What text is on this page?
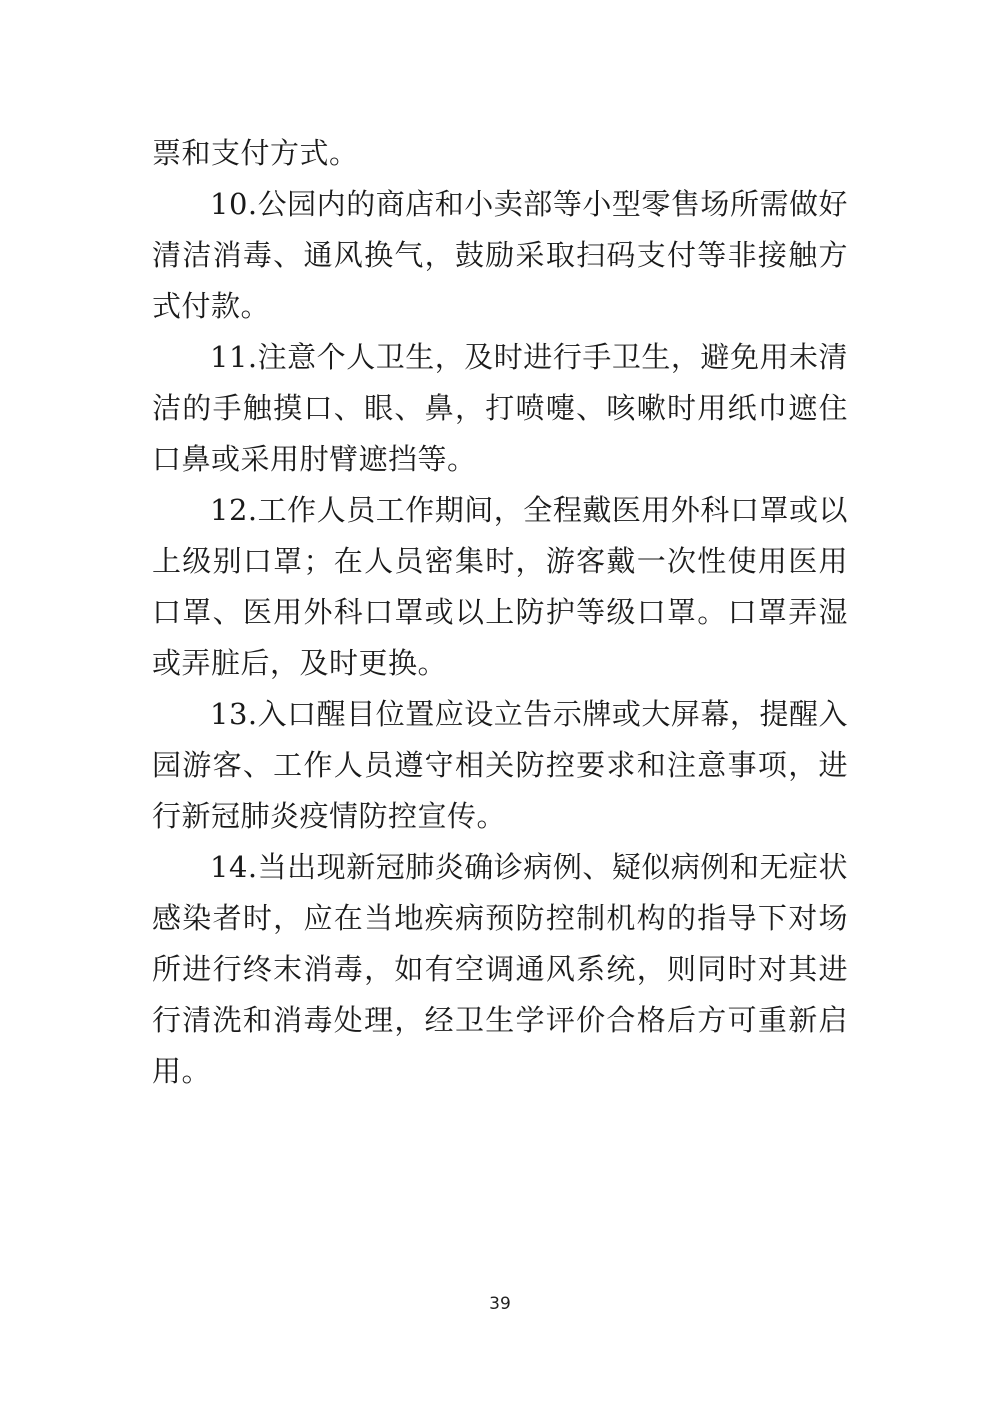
票和支付方式。

10.公园内的商店和小卖部等小型零售场所需做好清洁消毒、通风换气，鼓励采取扫码支付等非接触方式付款。

11.注意个人卫生，及时进行手卫生，避免用未清洁的手触摸口、眼、鼻，打喷嚏、咳嗽时用纸巾遮住口鼻或采用肘臂遮挡等。

12.工作人员工作期间，全程戴医用外科口罩或以上级别口罩；在人员密集时，游客戴一次性使用医用口罩、医用外科口罩或以上防护等级口罩。口罩弄湿或弄脏后，及时更换。

13.入口醒目位置应设立告示牌或大屏幕，提醒入园游客、工作人员遵守相关防控要求和注意事项，进行新冠肺炎疫情防控宣传。

14.当出现新冠肺炎确诊病例、疑似病例和无症状感染者时，应在当地疾病预防控制机构的指导下对场所进行终末消毒，如有空调通风系统，则同时对其进行清洗和消毒处理，经卫生学评价合格后方可重新启用。

39
